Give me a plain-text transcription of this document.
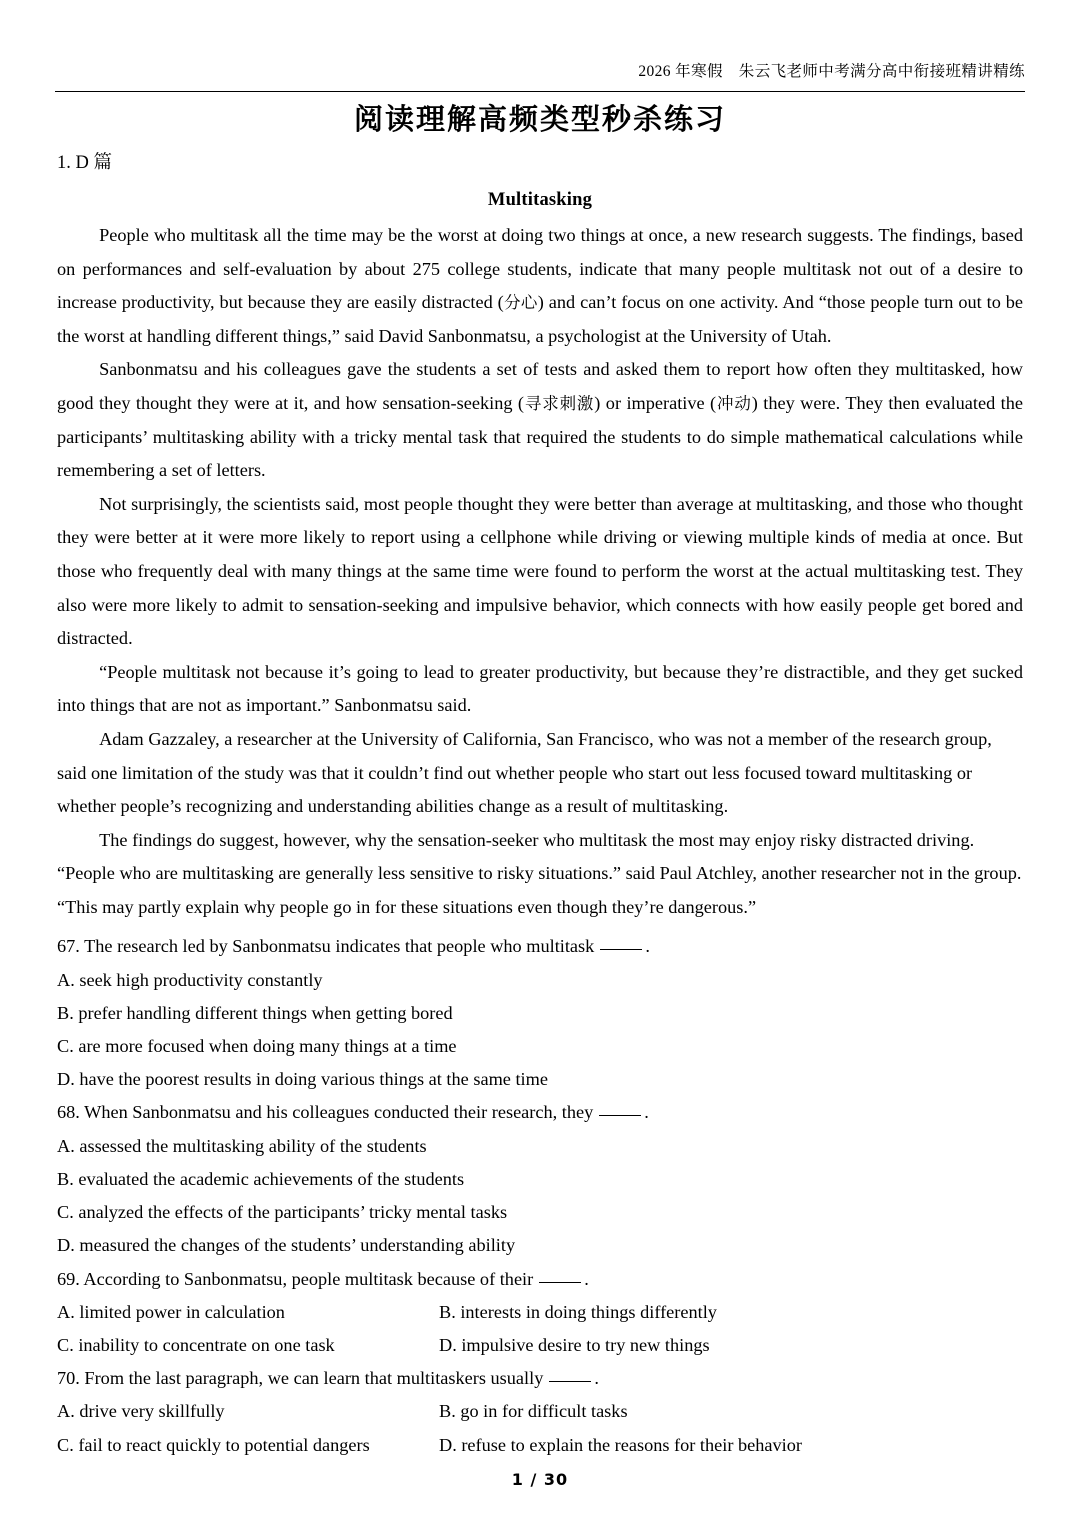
2026 年寒假　朱云飞老师中考满分高中衔接班精讲精练
阅读理解高频类型秒杀练习
1. D 篇
Multitasking

People who multitask all the time may be the worst at doing two things at once, a new research suggests. The findings, based on performances and self-evaluation by about 275 college students, indicate that many people multitask not out of a desire to increase productivity, but because they are easily distracted (分心) and can’t focus on one activity. And “those people turn out to be the worst at handling different things,” said David Sanbonmatsu, a psychologist at the University of Utah.

Sanbonmatsu and his colleagues gave the students a set of tests and asked them to report how often they multitasked, how good they thought they were at it, and how sensation-seeking (寻求刺激) or imperative (冲动) they were. They then evaluated the participants’ multitasking ability with a tricky mental task that required the students to do simple mathematical calculations while remembering a set of letters.

Not surprisingly, the scientists said, most people thought they were better than average at multitasking, and those who thought they were better at it were more likely to report using a cellphone while driving or viewing multiple kinds of media at once. But those who frequently deal with many things at the same time were found to perform the worst at the actual multitasking test. They also were more likely to admit to sensation-seeking and impulsive behavior, which connects with how easily people get bored and distracted.

“People multitask not because it’s going to lead to greater productivity, but because they’re distractible, and they get sucked into things that are not as important.” Sanbonmatsu said.

Adam Gazzaley, a researcher at the University of California, San Francisco, who was not a member of the research group, said one limitation of the study was that it couldn’t find out whether people who start out less focused toward multitasking or whether people’s recognizing and understanding abilities change as a result of multitasking.

The findings do suggest, however, why the sensation-seeker who multitask the most may enjoy risky distracted driving. “People who are multitasking are generally less sensitive to risky situations.” said Paul Atchley, another researcher not in the group. “This may partly explain why people go in for these situations even though they’re dangerous.”

67. The research led by Sanbonmatsu indicates that people who multitask	.
A. seek high productivity constantly
B. prefer handling different things when getting bored
C. are more focused when doing many things at a time
D. have the poorest results in doing various things at the same time
68. When Sanbonmatsu and his colleagues conducted their research, they	.
A. assessed the multitasking ability of the students
B. evaluated the academic achievements of the students
C. analyzed the effects of the participants’ tricky mental tasks
D. measured the changes of the students’ understanding ability
69. According to Sanbonmatsu, people multitask because of their	.
A. limited power in calculation	B. interests in doing things differently
C. inability to concentrate on one task	D. impulsive desire to try new things
70. From the last paragraph, we can learn that multitaskers usually	.
A. drive very skillfully	B. go in for difficult tasks
C. fail to react quickly to potential dangers	D. refuse to explain the reasons for their behavior
1 / 30
